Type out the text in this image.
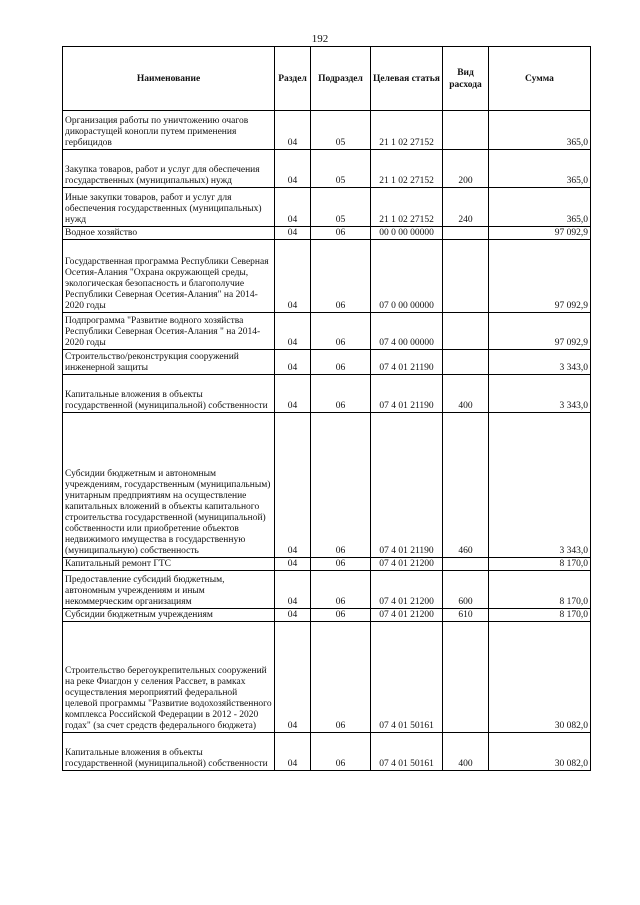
192
Наименование	Раздел	Подраздел	Целевая статья	Вид расхода	Сумма
Организация работы по уничтожению очагов дикорастущей конопли путем применения гербицидов	04	05	21 1 02 27152		365,0
Закупка товаров, работ и услуг для обеспечения государственных (муниципальных) нужд	04	05	21 1 02 27152	200	365,0
Иные закупки товаров, работ и услуг для обеспечения государственных (муниципальных) нужд	04	05	21 1 02 27152	240	365,0
Водное хозяйство	04	06	00 0 00 00000		97 092,9
Государственная программа Республики Северная Осетия-Алания "Охрана окружающей среды, экологическая безопасность и благополучие Республики Северная Осетия-Алания" на 2014-2020 годы	04	06	07 0 00 00000		97 092,9
Подпрограмма "Развитие водного хозяйства Республики Северная Осетия-Алания " на 2014-2020 годы	04	06	07 4 00 00000		97 092,9
Строительство/реконструкция сооружений инженерной защиты	04	06	07 4 01 21190		3 343,0
Капитальные вложения в объекты государственной (муниципальной) собственности	04	06	07 4 01 21190	400	3 343,0
Субсидии бюджетным и автономным учреждениям, государственным (муниципальным) унитарным предприятиям на осуществление капитальных вложений в объекты капитального строительства государственной (муниципальной) собственности или приобретение объектов недвижимого имущества в государственную (муниципальную) собственность	04	06	07 4 01 21190	460	3 343,0
Капитальный ремонт ГТС	04	06	07 4 01 21200		8 170,0
Предоставление субсидий бюджетным, автономным учреждениям и иным некоммерческим организациям	04	06	07 4 01 21200	600	8 170,0
Субсидии бюджетным учреждениям	04	06	07 4 01 21200	610	8 170,0
Строительство берегоукрепительных сооружений на реке Фиагдон у селения Рассвет, в рамках осуществления мероприятий федеральной целевой программы "Развитие водохозяйственного комплекса Российской Федерации в 2012 - 2020 годах" (за счет средств федерального бюджета)	04	06	07 4 01 50161		30 082,0
Капитальные вложения в объекты государственной (муниципальной) собственности	04	06	07 4 01 50161	400	30 082,0
